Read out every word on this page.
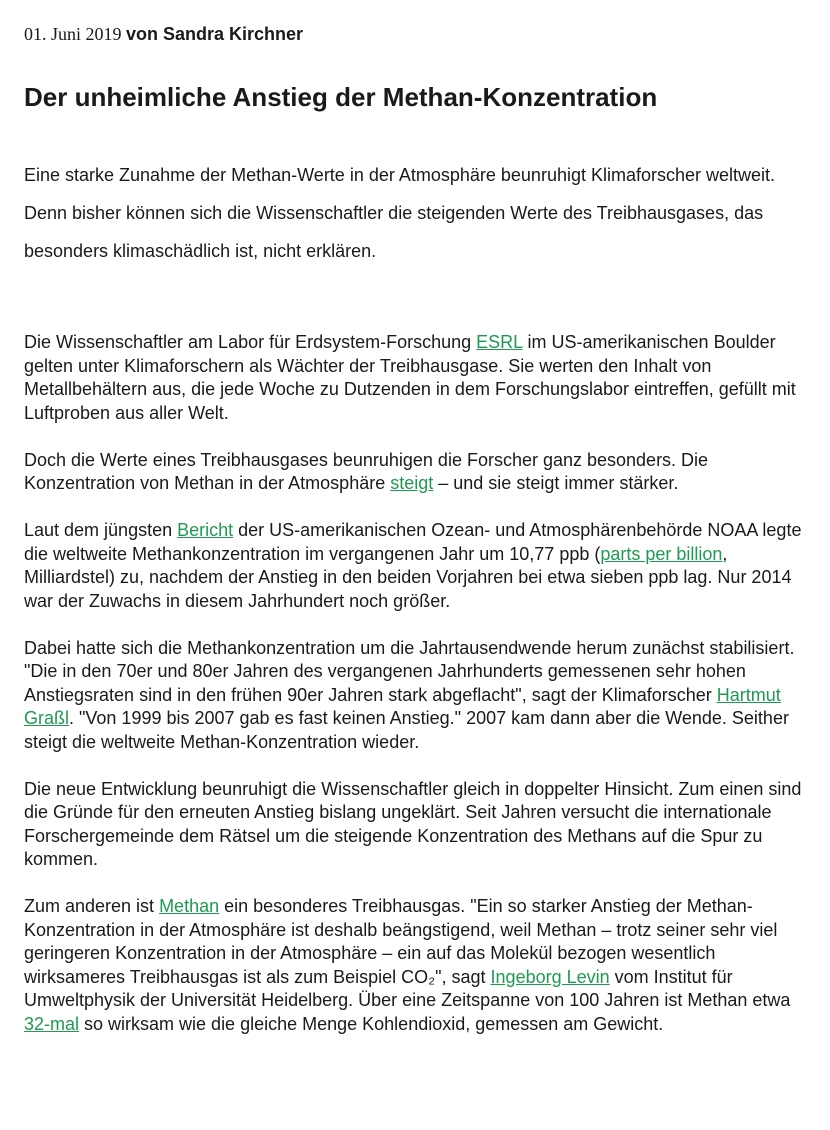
01. Juni 2019 von Sandra Kirchner
Der unheimliche Anstieg der Methan-Konzentration

Eine starke Zunahme der Methan-Werte in der Atmosphäre beunruhigt Klimaforscher weltweit. Denn bisher können sich die Wissenschaftler die steigenden Werte des Treibhausgases, das besonders klimaschädlich ist, nicht erklären.

Die Wissenschaftler am Labor für Erdsystem-Forschung ESRL im US-amerikanischen Boulder gelten unter Klimaforschern als Wächter der Treibhausgase. Sie werten den Inhalt von Metallbehältern aus, die jede Woche zu Dutzenden in dem Forschungslabor eintreffen, gefüllt mit Luftproben aus aller Welt.

Doch die Werte eines Treibhausgases beunruhigen die Forscher ganz besonders. Die Konzentration von Methan in der Atmosphäre steigt – und sie steigt immer stärker.

Laut dem jüngsten Bericht der US-amerikanischen Ozean- und Atmosphärenbehörde NOAA legte die weltweite Methankonzentration im vergangenen Jahr um 10,77 ppb (parts per billion, Milliardstel) zu, nachdem der Anstieg in den beiden Vorjahren bei etwa sieben ppb lag. Nur 2014 war der Zuwachs in diesem Jahrhundert noch größer.

Dabei hatte sich die Methankonzentration um die Jahrtausendwende herum zunächst stabilisiert. "Die in den 70er und 80er Jahren des vergangenen Jahrhunderts gemessenen sehr hohen Anstiegsraten sind in den frühen 90er Jahren stark abgeflacht", sagt der Klimaforscher Hartmut Graßl. "Von 1999 bis 2007 gab es fast keinen Anstieg." 2007 kam dann aber die Wende. Seither steigt die weltweite Methan-Konzentration wieder.

Die neue Entwicklung beunruhigt die Wissenschaftler gleich in doppelter Hinsicht. Zum einen sind die Gründe für den erneuten Anstieg bislang ungeklärt. Seit Jahren versucht die internationale Forschergemeinde dem Rätsel um die steigende Konzentration des Methans auf die Spur zu kommen.

Zum anderen ist Methan ein besonderes Treibhausgas. "Ein so starker Anstieg der Methan-Konzentration in der Atmosphäre ist deshalb beängstigend, weil Methan – trotz seiner sehr viel geringeren Konzentration in der Atmosphäre – ein auf das Molekül bezogen wesentlich wirksameres Treibhausgas ist als zum Beispiel CO₂", sagt Ingeborg Levin vom Institut für Umweltphysik der Universität Heidelberg. Über eine Zeitspanne von 100 Jahren ist Methan etwa 32-mal so wirksam wie die gleiche Menge Kohlendioxid, gemessen am Gewicht.
